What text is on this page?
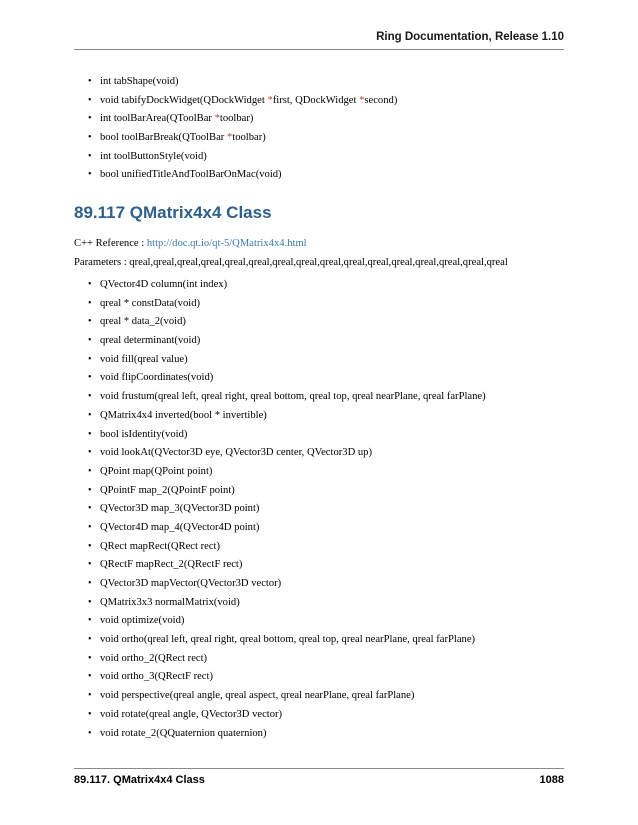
Ring Documentation, Release 1.10
• int tabShape(void)
• void tabifyDockWidget(QDockWidget *first, QDockWidget *second)
• int toolBarArea(QToolBar *toolbar)
• bool toolBarBreak(QToolBar *toolbar)
• int toolButtonStyle(void)
• bool unifiedTitleAndToolBarOnMac(void)
89.117 QMatrix4x4 Class
C++ Reference : http://doc.qt.io/qt-5/QMatrix4x4.html
Parameters : qreal,qreal,qreal,qreal,qreal,qreal,qreal,qreal,qreal,qreal,qreal,qreal,qreal,qreal,qreal,qreal
• QVector4D column(int index)
• qreal * constData(void)
• qreal * data_2(void)
• qreal determinant(void)
• void fill(qreal value)
• void flipCoordinates(void)
• void frustum(qreal left, qreal right, qreal bottom, qreal top, qreal nearPlane, qreal farPlane)
• QMatrix4x4 inverted(bool * invertible)
• bool isIdentity(void)
• void lookAt(QVector3D eye, QVector3D center, QVector3D up)
• QPoint map(QPoint point)
• QPointF map_2(QPointF point)
• QVector3D map_3(QVector3D point)
• QVector4D map_4(QVector4D point)
• QRect mapRect(QRect rect)
• QRectF mapRect_2(QRectF rect)
• QVector3D mapVector(QVector3D vector)
• QMatrix3x3 normalMatrix(void)
• void optimize(void)
• void ortho(qreal left, qreal right, qreal bottom, qreal top, qreal nearPlane, qreal farPlane)
• void ortho_2(QRect rect)
• void ortho_3(QRectF rect)
• void perspective(qreal angle, qreal aspect, qreal nearPlane, qreal farPlane)
• void rotate(qreal angle, QVector3D vector)
• void rotate_2(QQuaternion quaternion)
89.117. QMatrix4x4 Class	1088
